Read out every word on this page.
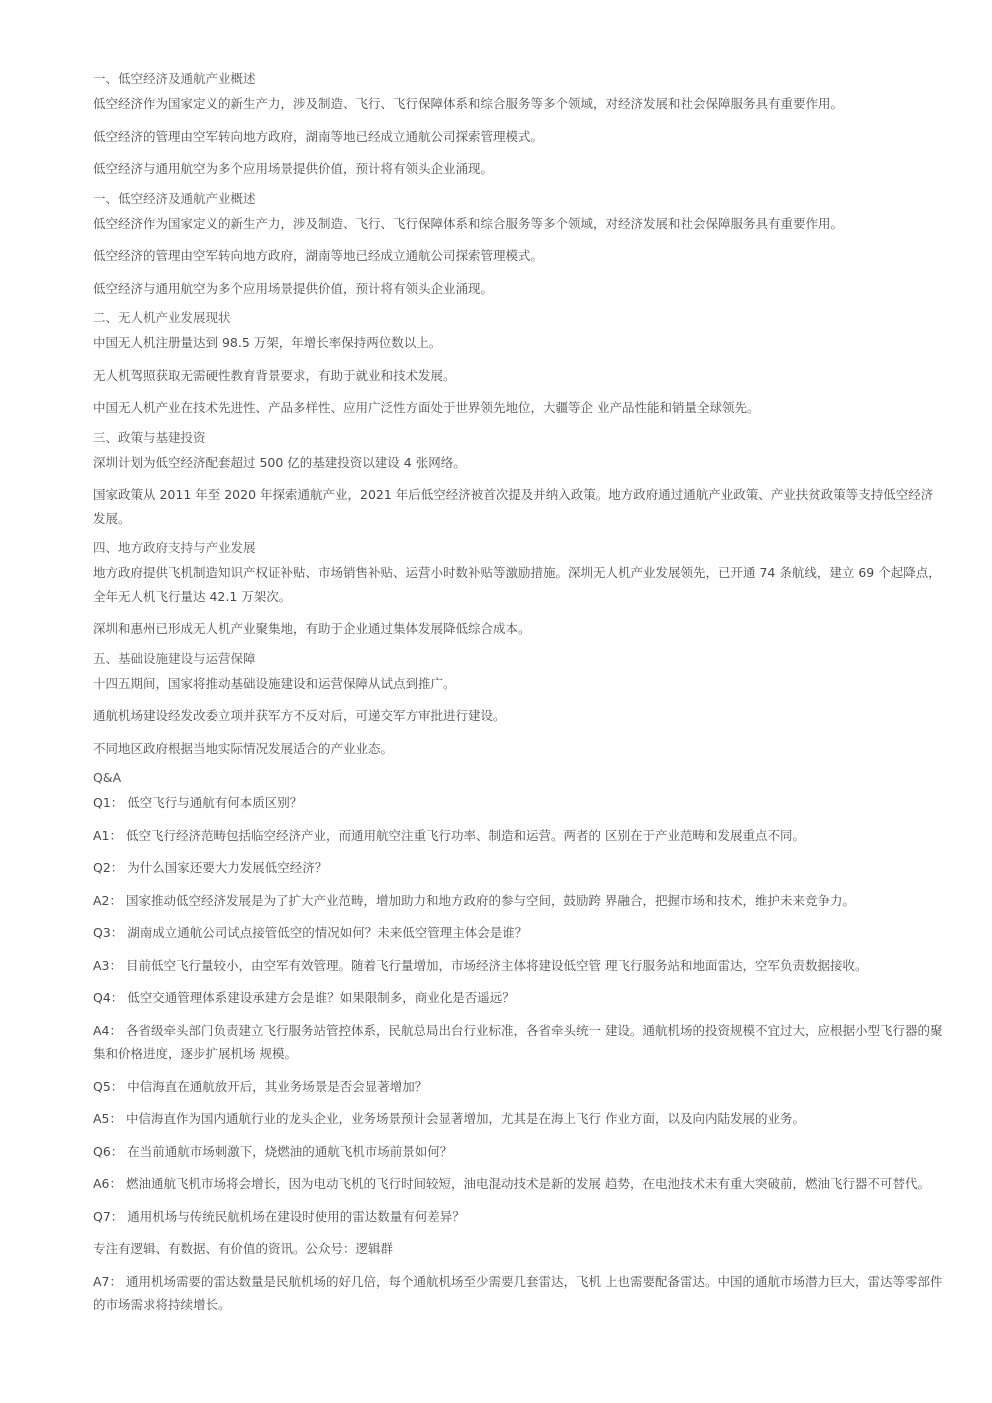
一、低空经济及通航产业概述

低空经济作为国家定义的新生产力，涉及制造、飞行、飞行保障体系和综合服务等多个领域，对经济发展和社会保障服务具有重要作用。

低空经济的管理由空军转向地方政府，湖南等地已经成立通航公司探索管理模式。

低空经济与通用航空为多个应用场景提供价值，预计将有领头企业涌现。

一、低空经济及通航产业概述

低空经济作为国家定义的新生产力，涉及制造、飞行、飞行保障体系和综合服务等多个领域，对经济发展和社会保障服务具有重要作用。

低空经济的管理由空军转向地方政府，湖南等地已经成立通航公司探索管理模式。

低空经济与通用航空为多个应用场景提供价值，预计将有领头企业涌现。

二、无人机产业发展现状

中国无人机注册量达到 98.5 万架，年增长率保持两位数以上。

无人机驾照获取无需硬性教育背景要求，有助于就业和技术发展。

中国无人机产业在技术先进性、产品多样性、应用广泛性方面处于世界领先地位，大疆等企 业产品性能和销量全球领先。

三、政策与基建投资

深圳计划为低空经济配套超过 500 亿的基建投资以建设 4 张网络。

国家政策从 2011 年至 2020 年探索通航产业，2021 年后低空经济被首次提及并纳入政策。地方政府通过通航产业政策、产业扶贫政策等支持低空经济发展。

四、地方政府支持与产业发展

地方政府提供飞机制造知识产权证补贴、市场销售补贴、运营小时数补贴等激励措施。深圳无人机产业发展领先，已开通 74 条航线，建立 69 个起降点，全年无人机飞行量达 42.1 万架次。

深圳和惠州已形成无人机产业聚集地，有助于企业通过集体发展降低综合成本。

五、基础设施建设与运营保障

十四五期间，国家将推动基础设施建设和运营保障从试点到推广。

通航机场建设经发改委立项并获军方不反对后，可递交军方审批进行建设。

不同地区政府根据当地实际情况发展适合的产业业态。

Q&A

Q1： 低空飞行与通航有何本质区别？

A1： 低空飞行经济范畴包括临空经济产业，而通用航空注重飞行功率、制造和运营。两者的 区别在于产业范畴和发展重点不同。

Q2： 为什么国家还要大力发展低空经济？

A2： 国家推动低空经济发展是为了扩大产业范畴，增加助力和地方政府的参与空间，鼓励跨 界融合，把握市场和技术，维护未来竞争力。

Q3： 湖南成立通航公司试点接管低空的情况如何？未来低空管理主体会是谁？

A3： 目前低空飞行量较小，由空军有效管理。随着飞行量增加，市场经济主体将建设低空管 理飞行服务站和地面雷达，空军负责数据接收。

Q4： 低空交通管理体系建设承建方会是谁？如果限制多，商业化是否遥远？

A4： 各省级牵头部门负责建立飞行服务站管控体系，民航总局出台行业标准，各省牵头统一 建设。通航机场的投资规模不宜过大，应根据小型飞行器的聚集和价格进度，逐步扩展机场 规模。

Q5： 中信海直在通航放开后，其业务场景是否会显著增加？

A5： 中信海直作为国内通航行业的龙头企业，业务场景预计会显著增加，尤其是在海上飞行 作业方面，以及向内陆发展的业务。

Q6： 在当前通航市场刺激下，烧燃油的通航飞机市场前景如何？

A6： 燃油通航飞机市场将会增长，因为电动飞机的飞行时间较短，油电混动技术是新的发展 趋势，在电池技术未有重大突破前，燃油飞行器不可替代。

Q7： 通用机场与传统民航机场在建设时使用的雷达数量有何差异？

专注有逻辑、有数据、有价值的资讯。公众号：逻辑群

A7： 通用机场需要的雷达数量是民航机场的好几倍，每个通航机场至少需要几套雷达，飞机 上也需要配备雷达。中国的通航市场潜力巨大，雷达等零部件的市场需求将持续增长。
